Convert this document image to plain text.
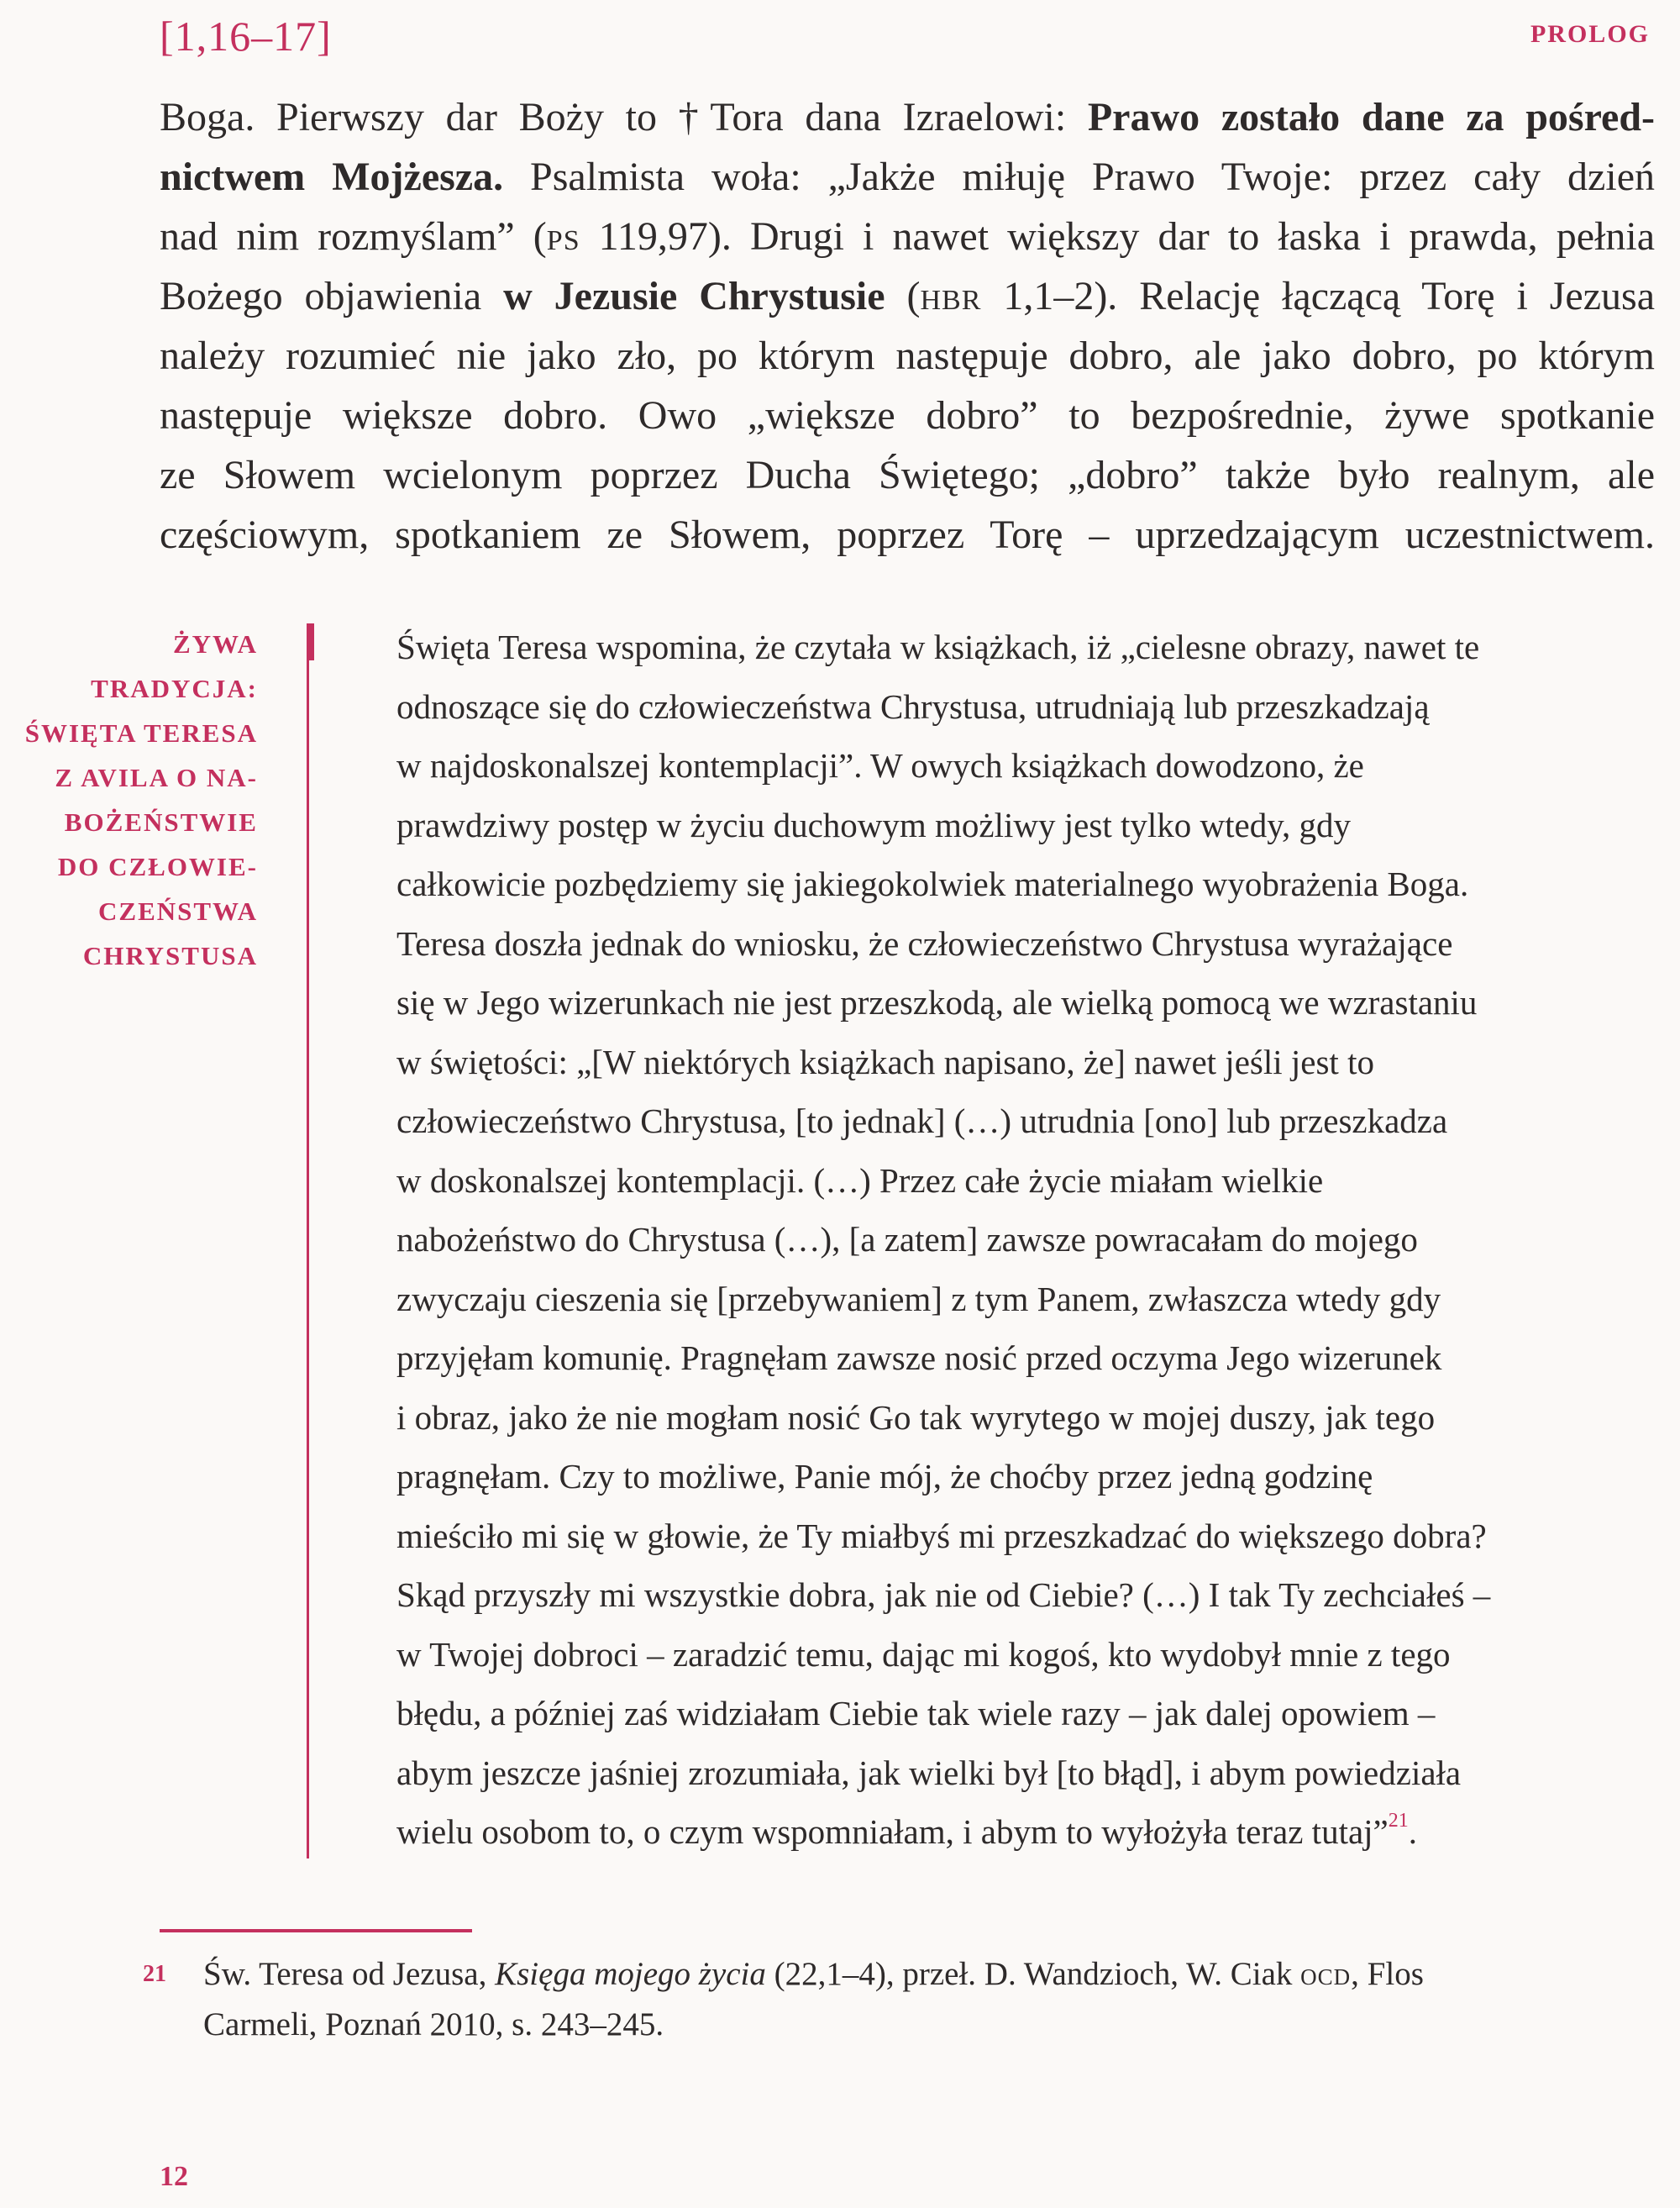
[1,16–17]	PROLOG
Boga. Pierwszy dar Boży to †Tora dana Izraelowi: Prawo zostało dane za pośred-
nictwem Mojżesza. Psalmista woła: „Jakże miłuję Prawo Twoje: przez cały dzień
nad nim rozmyślam” (ps 119,97). Drugi i nawet większy dar to łaska i prawda, pełnia
Bożego objawienia w Jezusie Chrystusie (hbr 1,1–2). Relację łączącą Torę i Jezusa
należy rozumieć nie jako zło, po którym następuje dobro, ale jako dobro, po którym
następuje większe dobro. Owo „większe dobro” to bezpośrednie, żywe spotkanie
ze Słowem wcielonym poprzez Ducha Świętego; „dobro” także było realnym, ale
częściowym, spotkaniem ze Słowem, poprzez Torę – uprzedzającym uczestnictwem.
ŻYWA
TRADYCJA:
ŚWIĘTA TERESA
Z AVILA O NA-
BOŻEŃSTWIE
DO CZŁOWIE-
CZEŃSTWA
CHRYSTUSA
Święta Teresa wspomina, że czytała w książkach, iż „cielesne obrazy, nawet te
odnoszące się do człowieczeństwa Chrystusa, utrudniają lub przeszkadzają
w najdoskonalszej kontemplacji”. W owych książkach dowodzono, że
prawdziwy postęp w życiu duchowym możliwy jest tylko wtedy, gdy
całkowicie pozbędziemy się jakiegokolwiek materialnego wyobrażenia Boga.
Teresa doszła jednak do wniosku, że człowieczeństwo Chrystusa wyrażające
się w Jego wizerunkach nie jest przeszkodą, ale wielką pomocą we wzrastaniu
w świętości: „[W niektórych książkach napisano, że] nawet jeśli jest to
człowieczeństwo Chrystusa, [to jednak] (…) utrudnia [ono] lub przeszkadza
w doskonalszej kontemplacji. (…) Przez całe życie miałam wielkie
nabożeństwo do Chrystusa (…), [a zatem] zawsze powracałam do mojego
zwyczaju cieszenia się [przebywaniem] z tym Panem, zwłaszcza wtedy gdy
przyjęłam komunię. Pragnęłam zawsze nosić przed oczyma Jego wizerunek
i obraz, jako że nie mogłam nosić Go tak wyrytego w mojej duszy, jak tego
pragnęłam. Czy to możliwe, Panie mój, że choćby przez jedną godzinę
mieściło mi się w głowie, że Ty miałbyś mi przeszkadzać do większego dobra?
Skąd przyszły mi wszystkie dobra, jak nie od Ciebie? (…) I tak Ty zechciałeś –
w Twojej dobroci – zaradzić temu, dając mi kogoś, kto wydobył mnie z tego
błędu, a później zaś widziałam Ciebie tak wiele razy – jak dalej opowiem –
abym jeszcze jaśniej zrozumiała, jak wielki był [to błąd], i abym powiedziała
wielu osobom to, o czym wspomniałam, i abym to wyłożyła teraz tutaj”$^{21}$.
21 Św. Teresa od Jezusa, Księga mojego życia (22,1–4), przeł. D. Wandzioch, W. Ciak ocd, Flos
Carmeli, Poznań 2010, s. 243–245.
12
